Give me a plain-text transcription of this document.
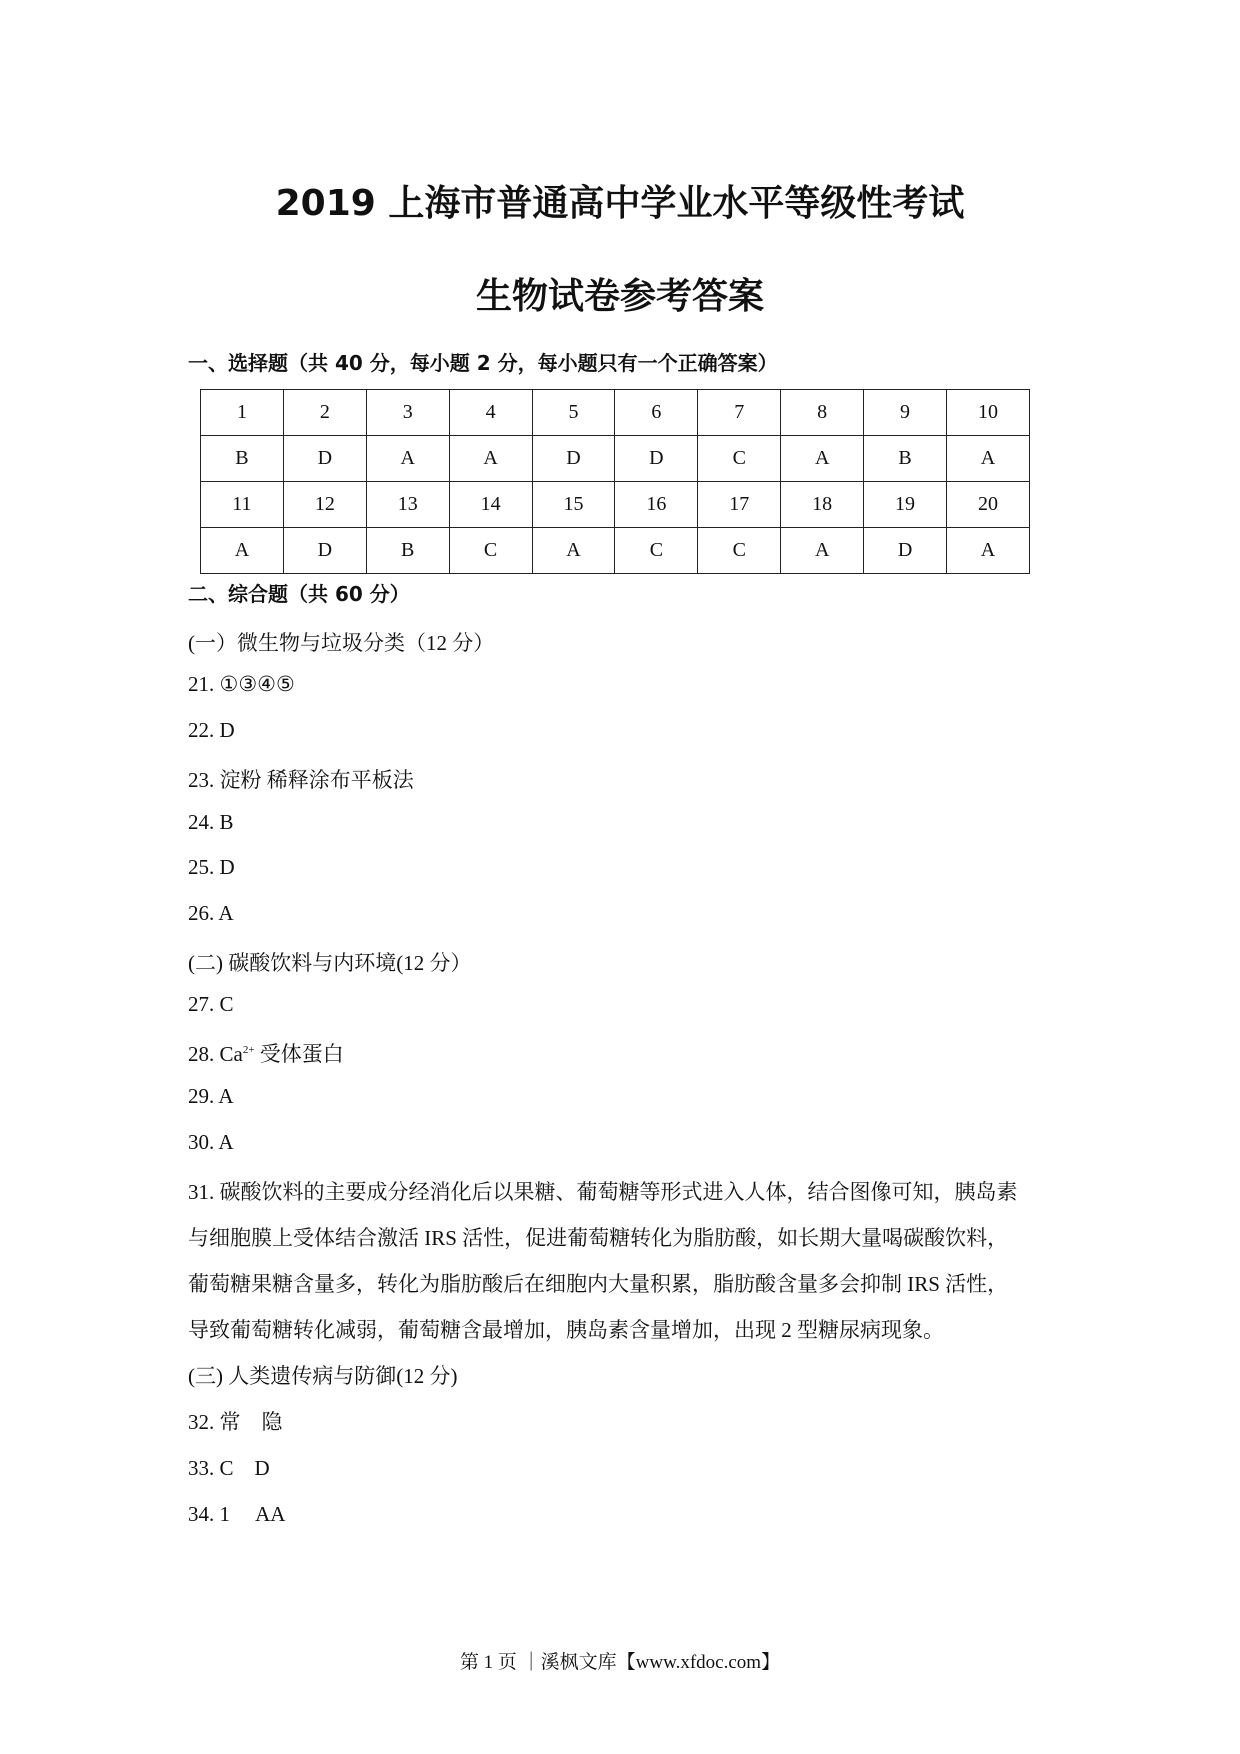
2019 上海市普通高中学业水平等级性考试
生物试卷参考答案
一、选择题（共 40 分，每小题 2 分，每小题只有一个正确答案）
1	2	3	4	5	6	7	8	9	10
B	D	A	A	D	D	C	A	B	A
11	12	13	14	15	16	17	18	19	20
A	D	B	C	A	C	C	A	D	A
二、综合题（共 60 分）
(一）微生物与垃圾分类（12 分）
21. ①③④⑤
22. D
23. 淀粉 稀释涂布平板法
24. B
25. D
26. A
(二) 碳酸饮料与内环境(12 分）
27. C
28. $Ca^{2+}$ 受体蛋白
29. A
30. A
31. 碳酸饮料的主要成分经消化后以果糖、葡萄糖等形式进入人体，结合图像可知，胰岛素
与细胞膜上受体结合激活 IRS 活性，促进葡萄糖转化为脂肪酸，如长期大量喝碳酸饮料，
葡萄糖果糖含量多，转化为脂肪酸后在细胞内大量积累，脂肪酸含量多会抑制 IRS 活性，
导致葡萄糖转化减弱，葡萄糖含最增加，胰岛素含量增加，出现 2 型糖尿病现象。
(三) 人类遗传病与防御(12 分)
32. 常　隐
33. C　D
34. 1　 AA
第 1 页 ｜溪枫文库【www.xfdoc.com】
